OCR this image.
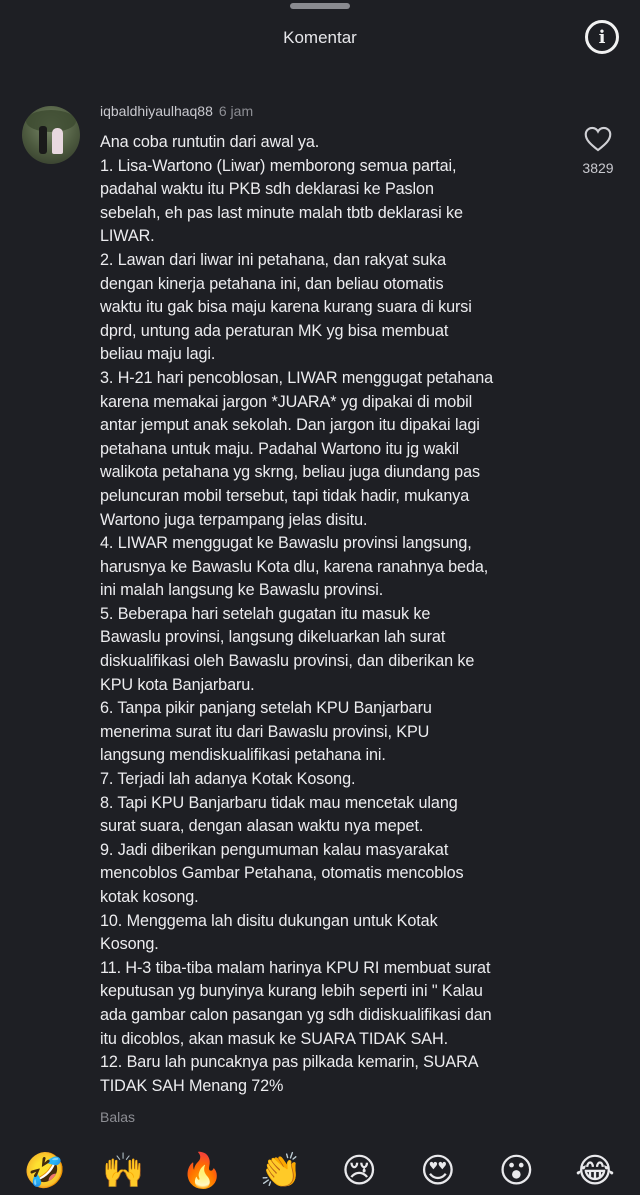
Komentar	i
iqbaldhiyaulhaq88 6 jam
Ana coba runtutin dari awal ya.
1. Lisa-Wartono (Liwar) memborong semua partai,
padahal waktu itu PKB sdh deklarasi ke Paslon
sebelah, eh pas last minute malah tbtb deklarasi ke
LIWAR.
2. Lawan dari liwar ini petahana, dan rakyat suka
dengan kinerja petahana ini, dan beliau otomatis
waktu itu gak bisa maju karena kurang suara di kursi
dprd, untung ada peraturan MK yg bisa membuat
beliau maju lagi.
3. H-21 hari pencoblosan, LIWAR menggugat petahana
karena memakai jargon *JUARA* yg dipakai di mobil
antar jemput anak sekolah. Dan jargon itu dipakai lagi
petahana untuk maju. Padahal Wartono itu jg wakil
walikota petahana yg skrng, beliau juga diundang pas
peluncuran mobil tersebut, tapi tidak hadir, mukanya
Wartono juga terpampang jelas disitu.
4. LIWAR menggugat ke Bawaslu provinsi langsung,
harusnya ke Bawaslu Kota dlu, karena ranahnya beda,
ini malah langsung ke Bawaslu provinsi.
5. Beberapa hari setelah gugatan itu masuk ke
Bawaslu provinsi, langsung dikeluarkan lah surat
diskualifikasi oleh Bawaslu provinsi, dan diberikan ke
KPU kota Banjarbaru.
6. Tanpa pikir panjang setelah KPU Banjarbaru
menerima surat itu dari Bawaslu provinsi, KPU
langsung mendiskualifikasi petahana ini.
7. Terjadi lah adanya Kotak Kosong.
8. Tapi KPU Banjarbaru tidak mau mencetak ulang
surat suara, dengan alasan waktu nya mepet.
9. Jadi diberikan pengumuman kalau masyarakat
mencoblos Gambar Petahana, otomatis mencoblos
kotak kosong.
10. Menggema lah disitu dukungan untuk Kotak
Kosong.
11. H-3 tiba-tiba malam harinya KPU RI membuat surat
keputusan yg bunyinya kurang lebih seperti ini " Kalau
ada gambar calon pasangan yg sdh didiskualifikasi dan
itu dicoblos, akan masuk ke SUARA TIDAK SAH.
12. Baru lah puncaknya pas pilkada kemarin, SUARA
TIDAK SAH Menang 72%
3829
Balas
🤣 🙌 🔥 👏 😢 😍 😮 😂
